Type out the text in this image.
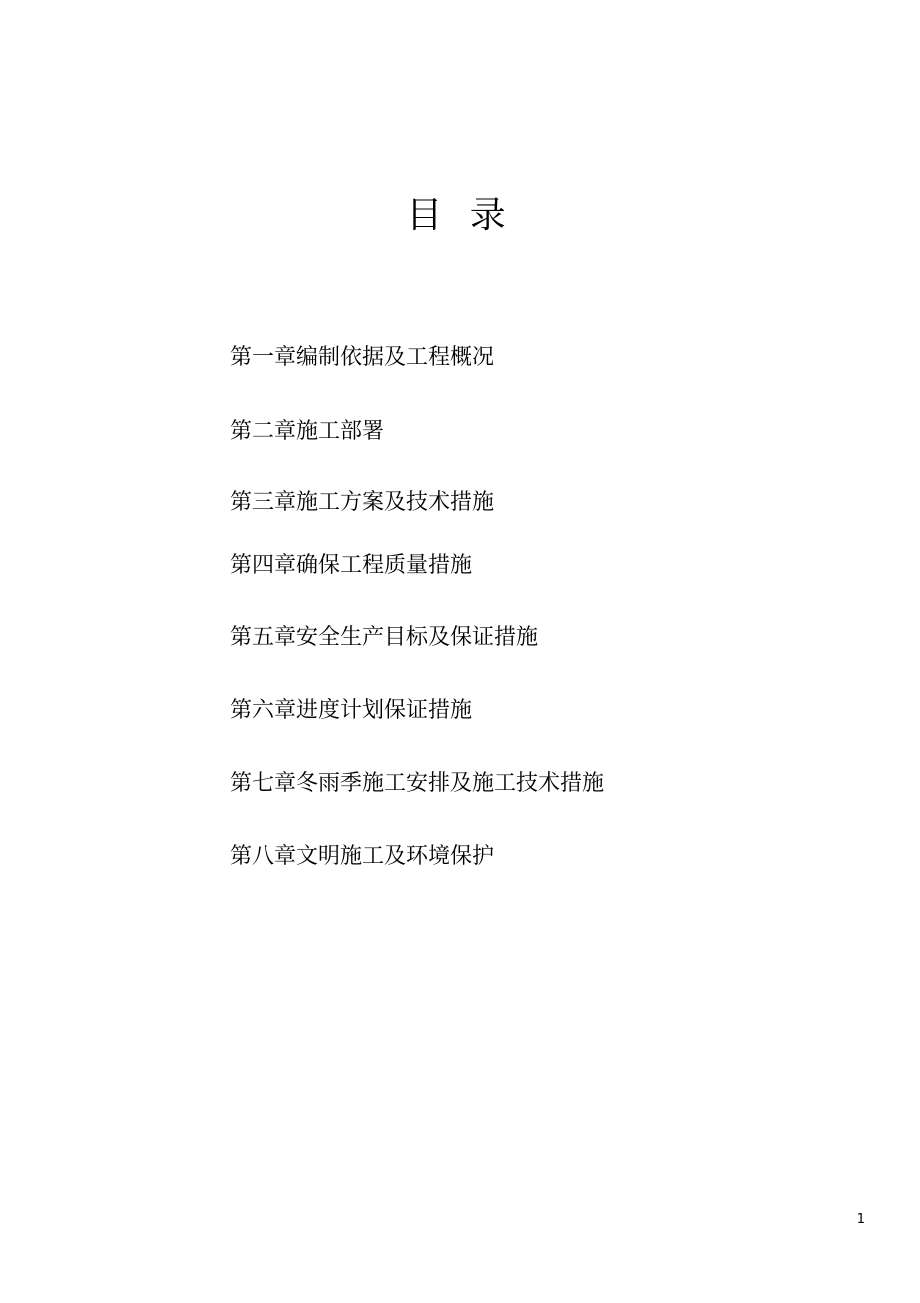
目 录
第一章编制依据及工程概况
第二章施工部署
第三章施工方案及技术措施
第四章确保工程质量措施
第五章安全生产目标及保证措施
第六章进度计划保证措施
第七章冬雨季施工安排及施工技术措施
第八章文明施工及环境保护
1
